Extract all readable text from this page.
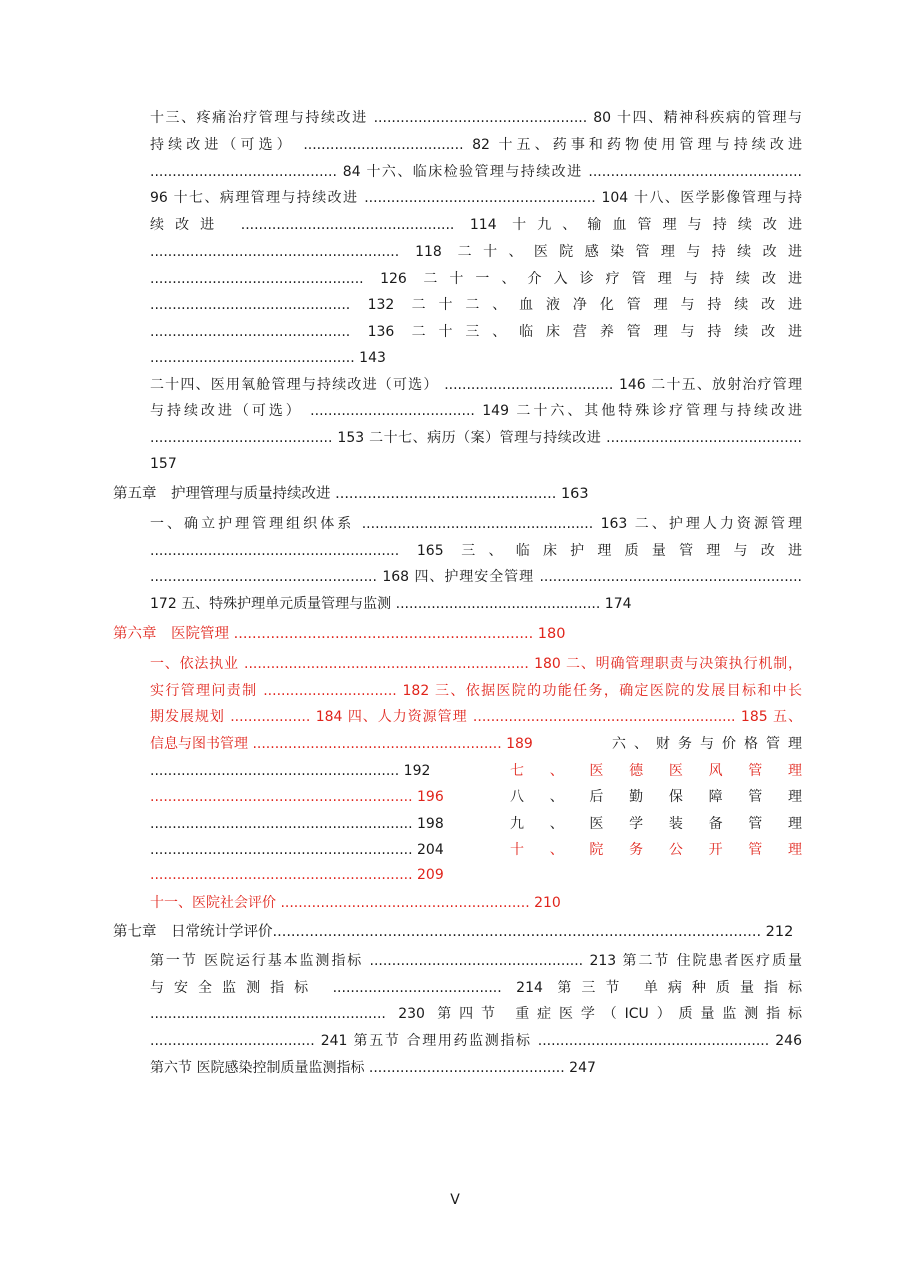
十三、疼痛治疗管理与持续改进 ................................................ 80 十四、精神科疾病的管理与

持续改进（可选） .................................... 82 十五、药事和药物使用管理与持续改进

.......................................... 84 十六、临床检验管理与持续改进 ................................................

96 十七、病理管理与持续改进 .................................................... 104 十八、医学影像管理与持

续改进 ................................................ 114 十九、输血管理与持续改进

........................................................ 118 二十、医院感染管理与持续改进

................................................ 126 二十一、介入诊疗管理与持续改进

............................................. 132 二十二、血液净化管理与持续改进

............................................. 136 二十三、临床营养管理与持续改进

.............................................. 143

二十四、医用氧舱管理与持续改进（可选） ...................................... 146 二十五、放射治疗管理

与持续改进（可选） ..................................... 149 二十六、其他特殊诊疗管理与持续改进

......................................... 153 二十七、病历（案）管理与持续改进 ............................................

157

第五章　护理管理与质量持续改进 ................................................ 163

一、确立护理管理组织体系 .................................................... 163 二、护理人力资源管理

........................................................ 165 三、临床护理质量管理与改进

................................................... 168 四、护理安全管理 ...........................................................

172 五、特殊护理单元质量管理与监测 .............................................. 174

第六章　医院管理 ................................................................. 180

一、依法执业 ................................................................ 180 二、明确管理职责与决策执行机制，

实行管理问责制 .............................. 182 三、依据医院的功能任务，确定医院的发展目标和中长

期发展规划 .................. 184 四、人力资源管理 ........................................................... 185 五、

信息与图书管理 ........................................................ 189	六、财务与价格管理

........................................................ 192	七、医德医风管理

........................................................... 196	八、后勤保障管理

........................................................... 198	九、医学装备管理

........................................................... 204	十、院务公开管理

........................................................... 209

十一、医院社会评价 ........................................................ 210

第七章　日常统计学评价.......................................................................................................... 212

第一节 医院运行基本监测指标 ................................................ 213 第二节 住院患者医疗质量

与安全监测指标 ...................................... 214 第三节 单病种质量指标

..................................................... 230 第四节 重症医学（ICU）质量监测指标

..................................... 241 第五节 合理用药监测指标 .................................................... 246

第六节 医院感染控制质量监测指标 ............................................ 247

V
